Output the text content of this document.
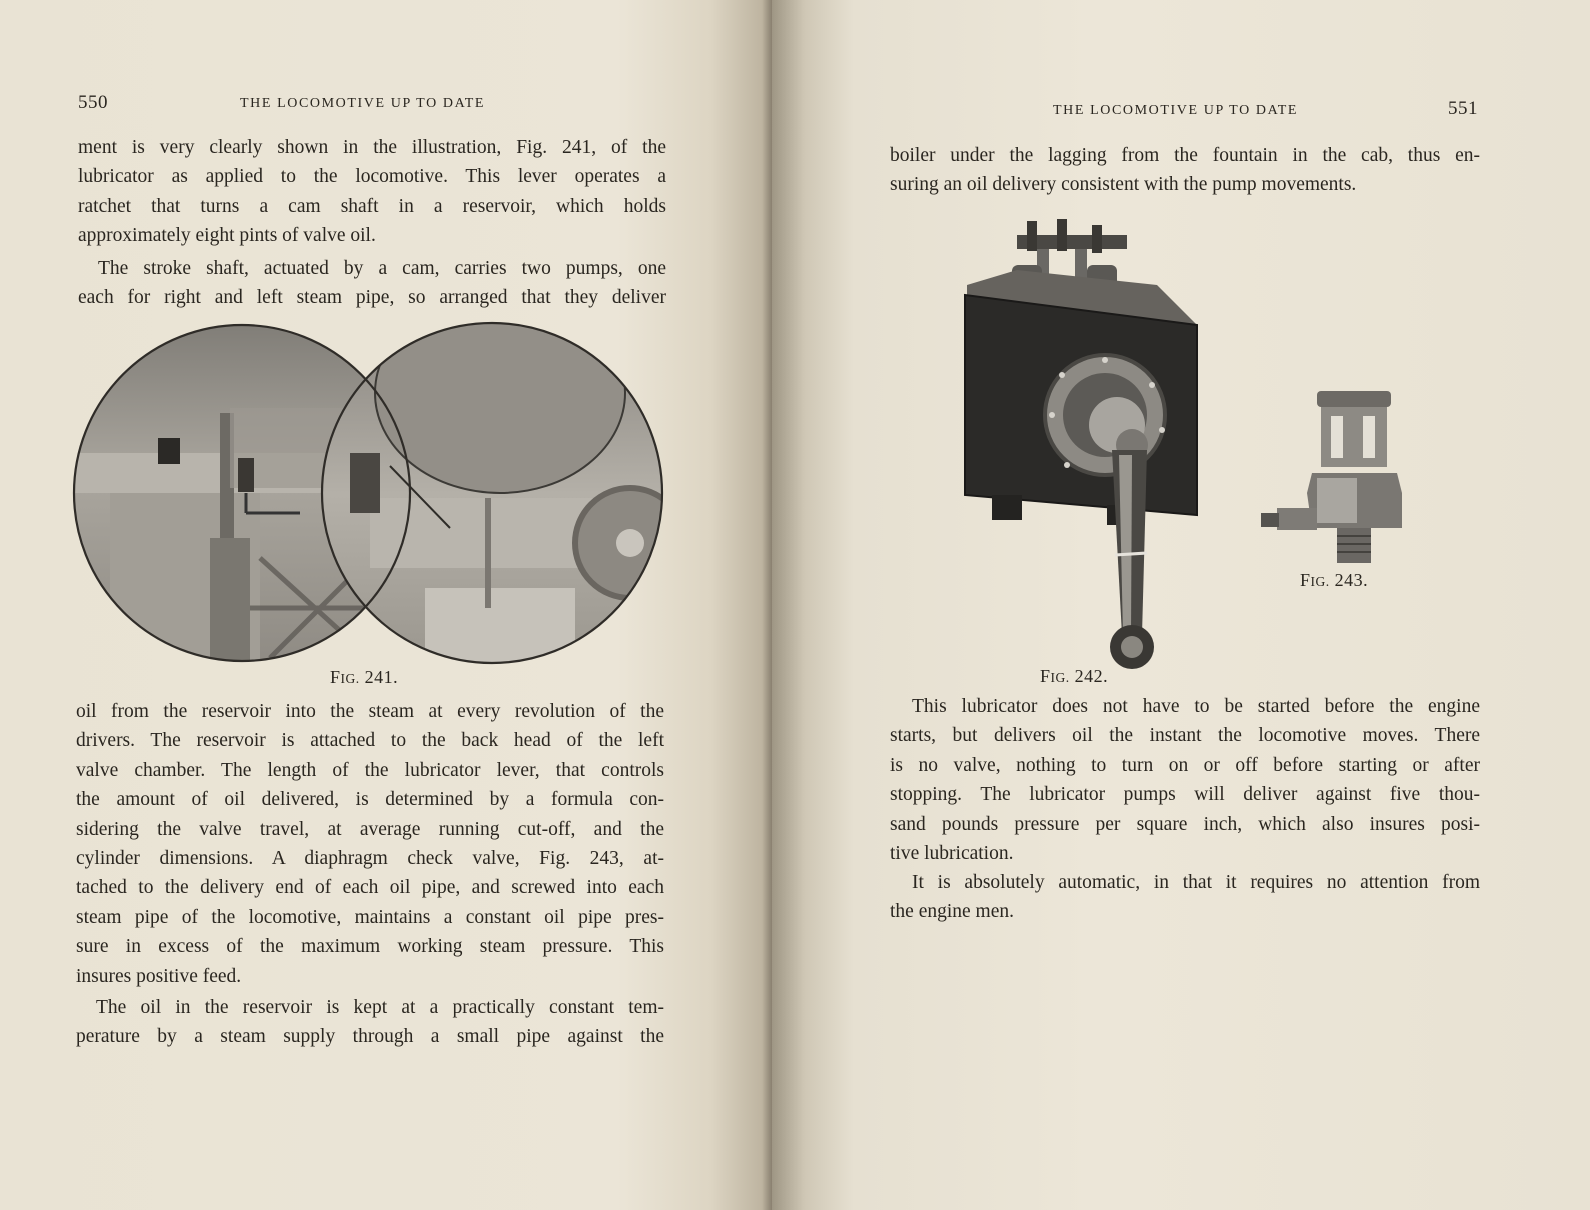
550	THE LOCOMOTIVE UP TO DATE
ment is very clearly shown in the illustration, Fig. 241, of the
lubricator as applied to the locomotive. This lever operates a
ratchet that turns a cam shaft in a reservoir, which holds
approximately eight pints of valve oil.
The stroke shaft, actuated by a cam, carries two pumps, one
each for right and left steam pipe, so arranged that they deliver
FIG. 241.
oil from the reservoir into the steam at every revolution of the
drivers. The reservoir is attached to the back head of the left
valve chamber. The length of the lubricator lever, that controls
the amount of oil delivered, is determined by a formula con-
sidering the valve travel, at average running cut-off, and the
cylinder dimensions. A diaphragm check valve, Fig. 243, at-
tached to the delivery end of each oil pipe, and screwed into each
steam pipe of the locomotive, maintains a constant oil pipe pres-
sure in excess of the maximum working steam pressure. This
insures positive feed.
The oil in the reservoir is kept at a practically constant tem-
perature by a steam supply through a small pipe against the
THE LOCOMOTIVE UP TO DATE	551
boiler under the lagging from the fountain in the cab, thus en-
suring an oil delivery consistent with the pump movements.
FIG. 243.
FIG. 242.
This lubricator does not have to be started before the engine
starts, but delivers oil the instant the locomotive moves. There
is no valve, nothing to turn on or off before starting or after
stopping. The lubricator pumps will deliver against five thou-
sand pounds pressure per square inch, which also insures posi-
tive lubrication.
It is absolutely automatic, in that it requires no attention from
the engine men.
